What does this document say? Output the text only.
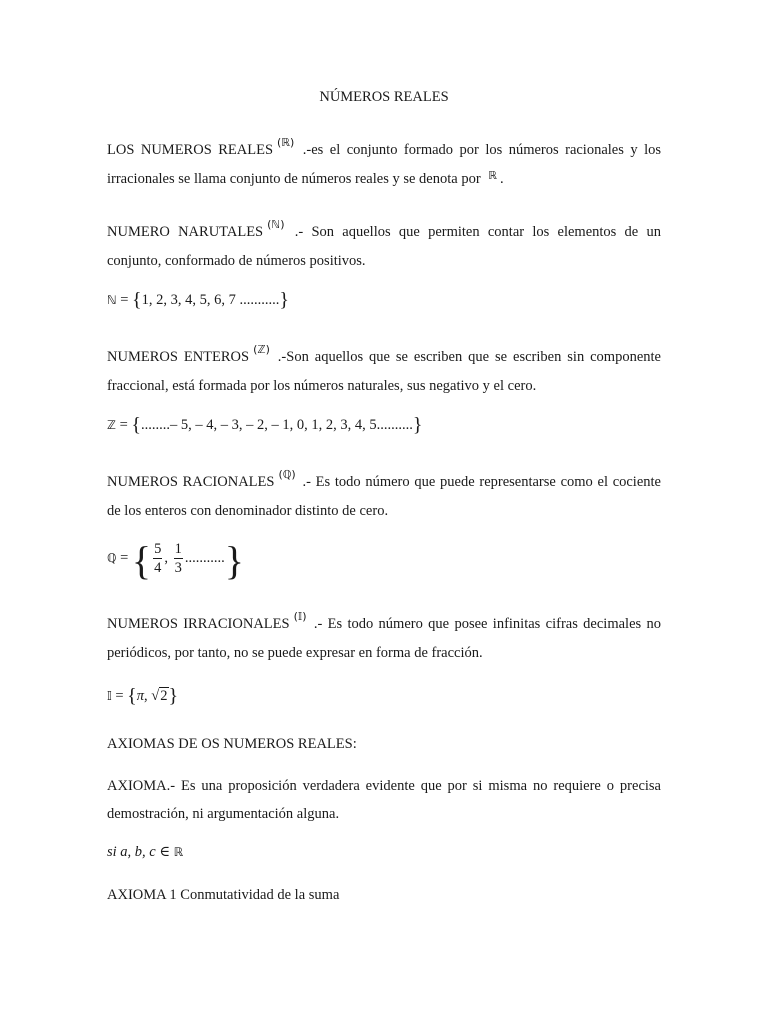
NÚMEROS REALES
LOS NUMEROS REALES $^{(ℝ)}$ .-es el conjunto formado por los números racionales y los irracionales se llama conjunto de números reales y se denota por $^ℝ$ .
NUMERO NARUTALES $^{(ℕ)}$ .- Son aquellos que permiten contar los elementos de un conjunto, conformado de números positivos.
ℕ = {1, 2, 3, 4, 5, 6, 7 ...........}
NUMEROS ENTEROS $^{(ℤ)}$ .-Son aquellos que se escriben que se escriben sin componente fraccional, está formada por los números naturales, sus negativo y el cero.
ℤ = {........– 5, – 4, – 3, – 2, – 1, 0, 1, 2, 3, 4, 5..........}
NUMEROS RACIONALES $^{(ℚ)}$ .- Es todo número que puede representarse como el cociente de los enteros con denominador distinto de cero.
ℚ = { $\frac{5}{4}$ , $\frac{1}{3}$ ...........}
NUMEROS IRRACIONALES $^{(𝕀)}$ .- Es todo número que posee infinitas cifras decimales no periódicos, por tanto, no se puede expresar en forma de fracción.
𝕀 = {π, √2}
AXIOMAS DE OS NUMEROS REALES:
AXIOMA.- Es una proposición verdadera evidente que por si misma no requiere o precisa demostración, ni argumentación alguna.
si a, b, c ∈ ℝ
AXIOMA 1 Conmutatividad de la suma
